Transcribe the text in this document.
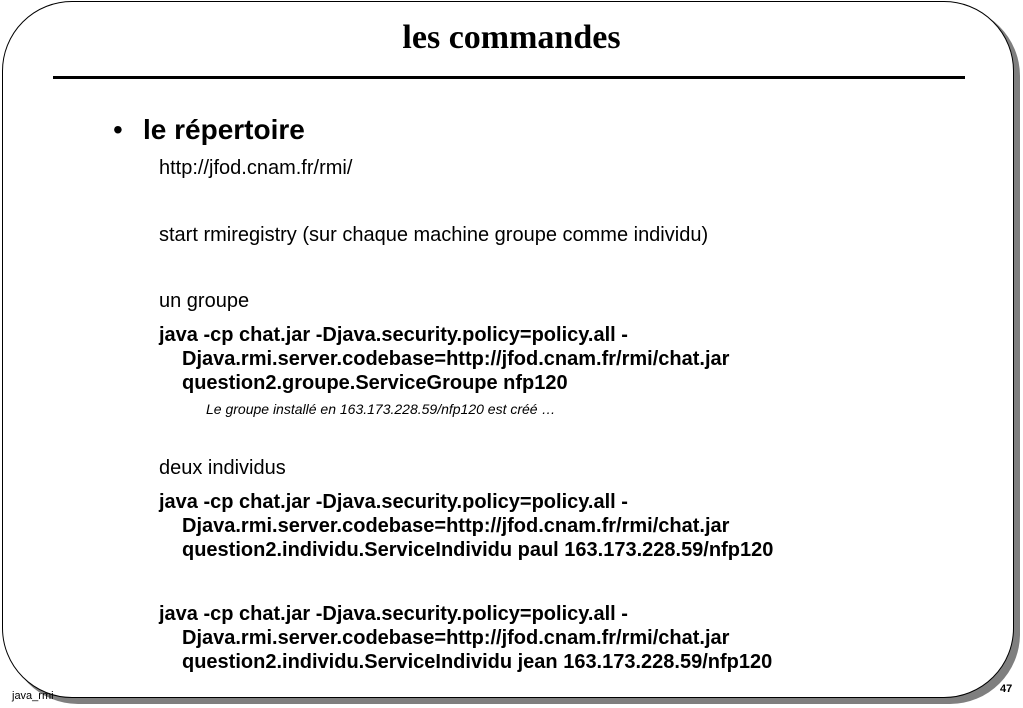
les commandes
• le répertoire
http://jfod.cnam.fr/rmi/
start rmiregistry (sur chaque machine groupe comme individu)
un groupe
java -cp chat.jar -Djava.security.policy=policy.all -
Djava.rmi.server.codebase=http://jfod.cnam.fr/rmi/chat.jar
question2.groupe.ServiceGroupe nfp120
Le groupe installé en 163.173.228.59/nfp120 est créé …
deux individus
java -cp chat.jar -Djava.security.policy=policy.all -
Djava.rmi.server.codebase=http://jfod.cnam.fr/rmi/chat.jar
question2.individu.ServiceIndividu paul 163.173.228.59/nfp120
java -cp chat.jar -Djava.security.policy=policy.all -
Djava.rmi.server.codebase=http://jfod.cnam.fr/rmi/chat.jar
question2.individu.ServiceIndividu jean 163.173.228.59/nfp120
java_rmi
47
